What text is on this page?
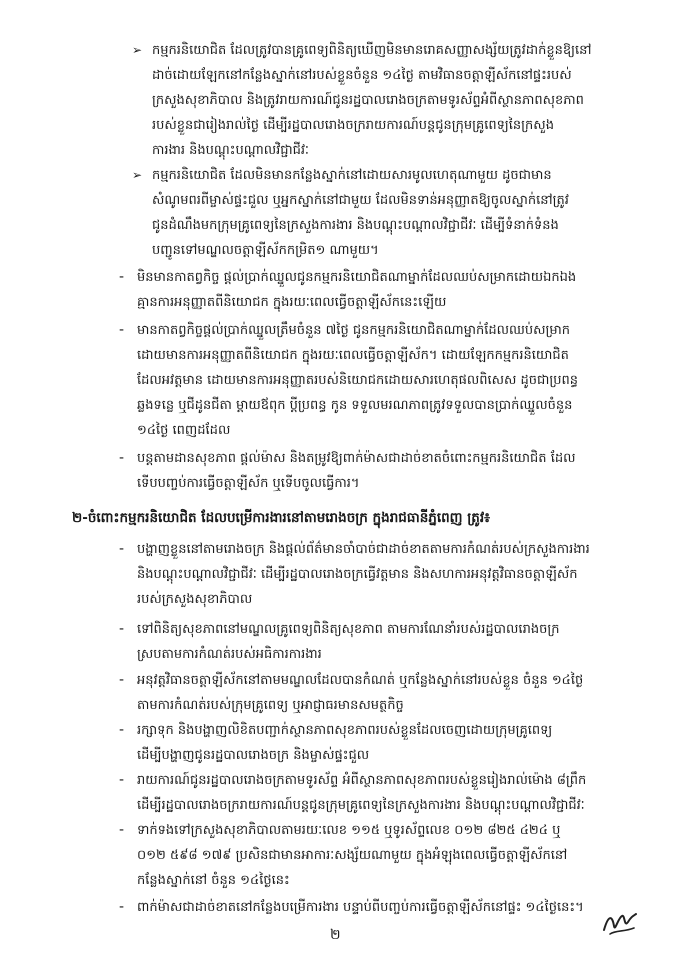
➢ កម្មករនិយោជិត ដែលត្រូវបានគ្រូពេទ្យពិនិត្យឃើញមិនមានរោគសញ្ញាសង្ស័យត្រូវដាក់ខ្លួនឱ្យនៅ
ដាច់ដោយឡែកនៅកន្លែងស្នាក់នៅរបស់ខ្លួនចំនួន ១៤ថ្ងៃ តាមវិធានចត្តាឡីស័កនៅផ្ទះរបស់
ក្រសួងសុខាភិបាល និងត្រូវរាយការណ៍ជូនរដ្ឋបាលរោងចក្រតាមទូរស័ព្ទអំពីស្ថានភាពសុខភាព
របស់ខ្លួនជារៀងរាល់ថ្ងៃ ដើម្បីរដ្ឋបាលរោងចក្ររាយការណ៍បន្តជូនក្រុមគ្រូពេទ្យនៃក្រសួង
ការងារ និងបណ្ដុះបណ្ដាលវិជ្ជាជីវៈ
➢ កម្មករនិយោជិត ដែលមិនមានកន្លែងស្នាក់នៅដោយសារមូលហេតុណាមួយ ដូចជាមាន
សំណូមពរពីម្ចាស់ផ្ទះជួល ឬអ្នកស្នាក់នៅជាមួយ ដែលមិនទាន់អនុញ្ញាតឱ្យចូលស្នាក់នៅត្រូវ
ជូនដំណឹងមកក្រុមគ្រូពេទ្យនៃក្រសួងការងារ និងបណ្ដុះបណ្ដាលវិជ្ជាជីវៈ ដើម្បីទំនាក់ទំនង
បញ្ជូនទៅមណ្ឌលចត្តាឡីស័កកម្រិត១ ណាមួយ។
- មិនមានកាតព្វកិច្ច ផ្ដល់ប្រាក់ឈ្នួលជូនកម្មករនិយោជិតណាម្នាក់ដែលឈប់សម្រាកដោយឯកឯង
គ្មានការអនុញ្ញាតពីនិយោជក ក្នុងរយៈពេលធ្វើចត្តាឡីស័កនេះឡើយ
- មានកាតព្វកិច្ចផ្ដល់ប្រាក់ឈ្នួលត្រឹមចំនួន ៧ថ្ងៃ ជូនកម្មករនិយោជិតណាម្នាក់ដែលឈប់សម្រាក
ដោយមានការអនុញ្ញាតពីនិយោជក ក្នុងរយៈពេលធ្វើចត្តាឡីស័ក។ ដោយឡែកកម្មករនិយោជិត
ដែលអវត្តមាន ដោយមានការអនុញ្ញាតរបស់និយោជកដោយសារហេតុផលពិសេស ដូចជាប្រពន្ធ
ឆ្លងទន្លេ ឬជីដូនជីតា ម្ដាយឪពុក ប្ដីប្រពន្ធ កូន ទទួលមរណភាពត្រូវទទួលបានប្រាក់ឈ្នួលចំនួន
១៤ថ្ងៃ ពេញដដែល
- បន្តតាមដានសុខភាព ផ្ដល់ម៉ាស និងតម្រូវឱ្យពាក់ម៉ាសជាដាច់ខាតចំពោះកម្មករនិយោជិត ដែល
ទើបបញ្ចប់ការធ្វើចត្តាឡីស័ក ឬទើបចូលធ្វើការ។
២-ចំពោះកម្មករនិយោជិត ដែលបម្រើការងារនៅតាមរោងចក្រ ក្នុងរាជធានីភ្នំពេញ ត្រូវ៖
- បង្ហាញខ្លួននៅតាមរោងចក្រ និងផ្ដល់ព័ត៌មានចាំបាច់ជាដាច់ខាតតាមការកំណត់របស់ក្រសួងការងារ
និងបណ្ដុះបណ្ដាលវិជ្ជាជីវៈ ដើម្បីរដ្ឋបាលរោងចក្រធ្វើវត្តមាន និងសហការអនុវត្តវិធានចត្តាឡីស័ក
របស់ក្រសួងសុខាភិបាល
- ទៅពិនិត្យសុខភាពនៅមណ្ឌលគ្រូពេទ្យពិនិត្យសុខភាព តាមការណែនាំរបស់រដ្ឋបាលរោងចក្រ
ស្របតាមការកំណត់របស់អធិការការងារ
- អនុវត្តវិធានចត្តាឡីស័កនៅតាមមណ្ឌលដែលបានកំណត់ ឬកន្លែងស្នាក់នៅរបស់ខ្លួន ចំនួន ១៤ថ្ងៃ
តាមការកំណត់របស់ក្រុមគ្រូពេទ្យ ឬអាជ្ញាធរមានសមត្ថកិច្ច
- រក្សាទុក និងបង្ហាញលិខិតបញ្ជាក់ស្ថានភាពសុខភាពរបស់ខ្លួនដែលចេញដោយក្រុមគ្រូពេទ្យ
ដើម្បីបង្ហាញជូនរដ្ឋបាលរោងចក្រ និងម្ចាស់ផ្ទះជួល
- រាយការណ៍ជូនរដ្ឋបាលរោងចក្រតាមទូរស័ព្ទ អំពីស្ថានភាពសុខភាពរបស់ខ្លួនរៀងរាល់ម៉ោង ៨ព្រឹក
ដើម្បីរដ្ឋបាលរោងចក្ររាយការណ៍បន្តជូនក្រុមគ្រូពេទ្យនៃក្រសួងការងារ និងបណ្ដុះបណ្ដាលវិជ្ជាជីវៈ
- ទាក់ទងទៅក្រសួងសុខាភិបាលតាមរយៈលេខ ១១៥ ឬទូរស័ព្ទលេខ ០១២ ៨២៥ ៤២៤ ឬ
០១២ ៥៩៨ ១៧៩ ប្រសិនជាមានអាការៈសង្ស័យណាមួយ ក្នុងអំឡុងពេលធ្វើចត្តាឡីស័កនៅ
កន្លែងស្នាក់នៅ ចំនួន ១៤ថ្ងៃនេះ
- ពាក់ម៉ាសជាដាច់ខាតនៅកន្លែងបម្រើការងារ បន្ទាប់ពីបញ្ចប់ការធ្វើចត្តាឡីស័កនៅផ្ទះ ១៤ថ្ងៃនេះ។
២
